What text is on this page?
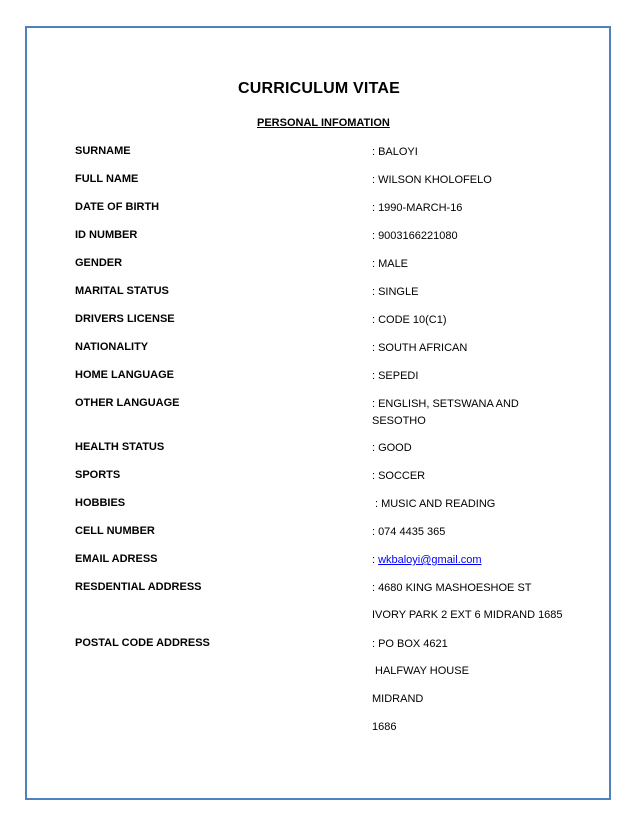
CURRICULUM VITAE
PERSONAL INFOMATION
SURNAME	: BALOYI
FULL NAME	: WILSON KHOLOFELO
DATE OF BIRTH	: 1990-MARCH-16
ID NUMBER	: 9003166221080
GENDER	: MALE
MARITAL STATUS	: SINGLE
DRIVERS LICENSE	: CODE 10(C1)
NATIONALITY	: SOUTH AFRICAN
HOME LANGUAGE	: SEPEDI
OTHER LANGUAGE	: ENGLISH, SETSWANA AND
SESOTHO
HEALTH STATUS	: GOOD
SPORTS	: SOCCER
HOBBIES	: MUSIC AND READING
CELL NUMBER	: 074 4435 365
EMAIL ADRESS	: wkbaloyi@gmail.com
RESDENTIAL ADDRESS	: 4680 KING MASHOESHOE ST
IVORY PARK 2 EXT 6 MIDRAND 1685
POSTAL CODE ADDRESS	: PO BOX 4621
HALFWAY HOUSE
MIDRAND
1686
